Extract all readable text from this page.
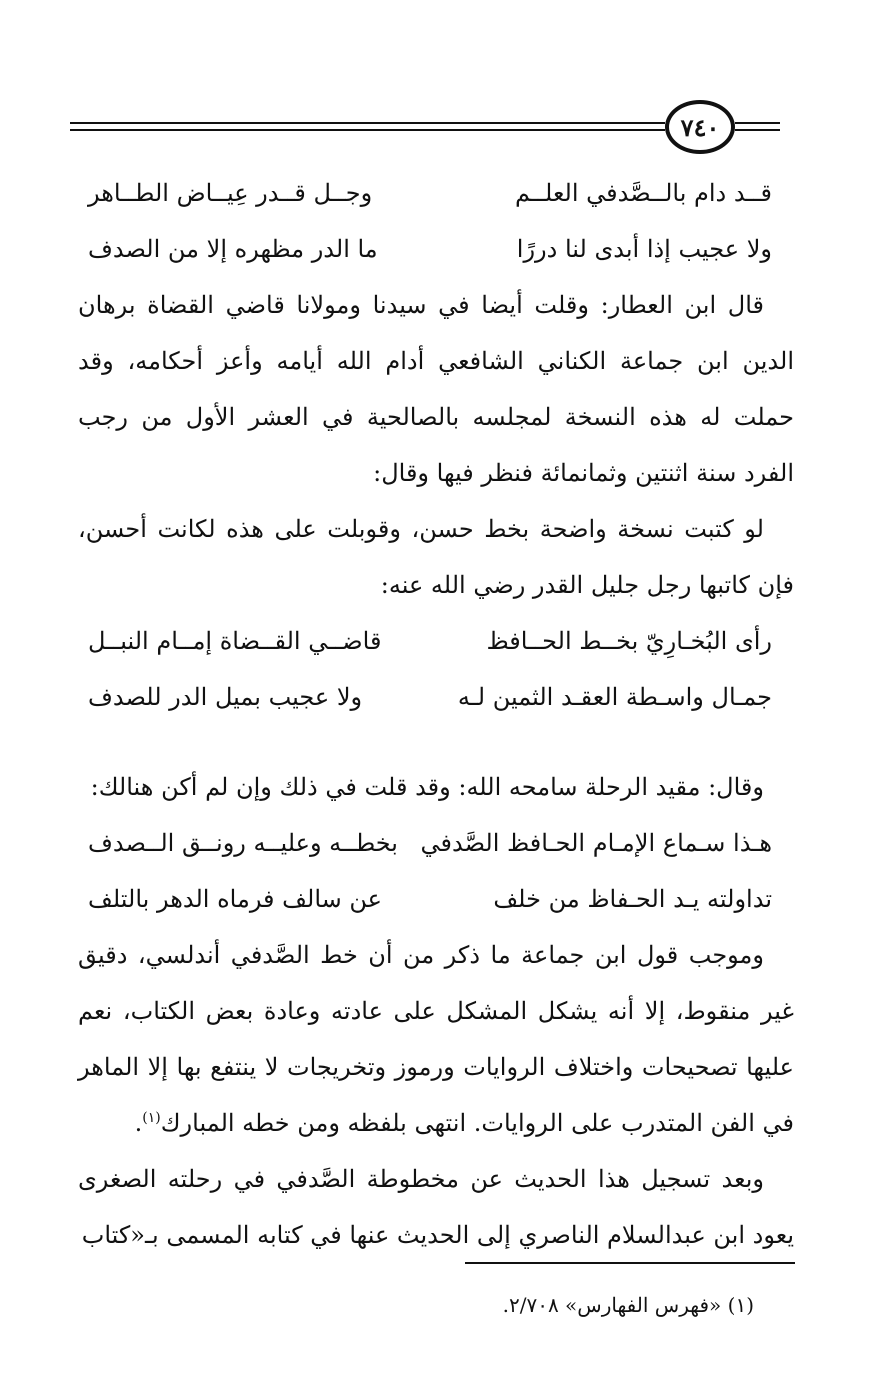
٧٤٠
قــد دام بالــصَّدفي العلــم
وجــل قــدر عِيــاض الطــاهر
ولا عجيب إذا أبدى لنا دررًا
ما الدر مظهره إلا من الصدف

قال ابن العطار: وقلت أيضا في سيدنا ومولانا قاضي القضاة برهان الدين ابن جماعة الكناني الشافعي أدام الله أيامه وأعز أحكامه، وقد حملت له هذه النسخة لمجلسه بالصالحية في العشر الأول من رجب الفرد سنة اثنتين وثمانمائة فنظر فيها وقال:

لو كتبت نسخة واضحة بخط حسن، وقوبلت على هذه لكانت أحسن، فإن كاتبها رجل جليل القدر رضي الله عنه:

رأى البُخـارِيّ بخــط الحــافظ
قاضــي القــضاة إمــام النبــل
جمـال واسـطة العقـد الثمين لـه
ولا عجيب بميل الدر للصدف

وقال: مقيد الرحلة سامحه الله: وقد قلت في ذلك وإن لم أكن هنالك:

هـذا سـماع الإمـام الحـافظ الصَّدفي
بخطــه وعليــه رونــق الــصدف
تداولته يـد الحـفاظ من خلف
عن سالف فرماه الدهر بالتلف

وموجب قول ابن جماعة ما ذكر من أن خط الصَّدفي أندلسي، دقيق غير منقوط، إلا أنه يشكل المشكل على عادته وعادة بعض الكتاب، نعم عليها تصحيحات واختلاف الروايات ورموز وتخريجات لا ينتفع بها إلا الماهر في الفن المتدرب على الروايات. انتهى بلفظه ومن خطه المبارك$^{(١)}$.

وبعد تسجيل هذا الحديث عن مخطوطة الصَّدفي في رحلته الصغرى يعود ابن عبدالسلام الناصري إلى الحديث عنها في كتابه المسمى بـ«كتاب

(١) «فهرس الفهارس» ٢/٧٠٨.
